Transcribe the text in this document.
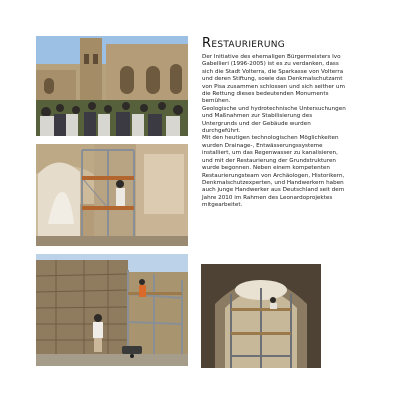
Restaurierung

Der Initiative des ehemaligen Bürgermeisters Ivo Gabellieri (1996-2005) ist es zu verdanken, dass sich die Stadt Volterra, die Sparkasse von Volterra und deren Stiftung, sowie das Denkmalschutzamt von Pisa zusammen schlossen und sich seither um die Rettung dieses bedeutenden Monuments bemühen.

Geologische und hydrotechnische Untersuchungen und Maßnahmen zur Stabilisierung des Untergrunds und der Gebäude wurden durchgeführt.

Mit den heutigen technologischen Möglichkeiten wurden Drainage-, Entwässerungssysteme installiert, um das Regenwasser zu kanalisieren, und mit der Restaurierung der Grundstrukturen wurde begonnen. Neben einem kompetenten Restaurierungsteam von Archäologen, Historikern, Denkmalschutzexperten, und Handwerkern haben auch junge Handwerker aus Deutschland seit dem Jahre 2010 im Rahmen des Leonardoprojektes mitgearbeitet.
